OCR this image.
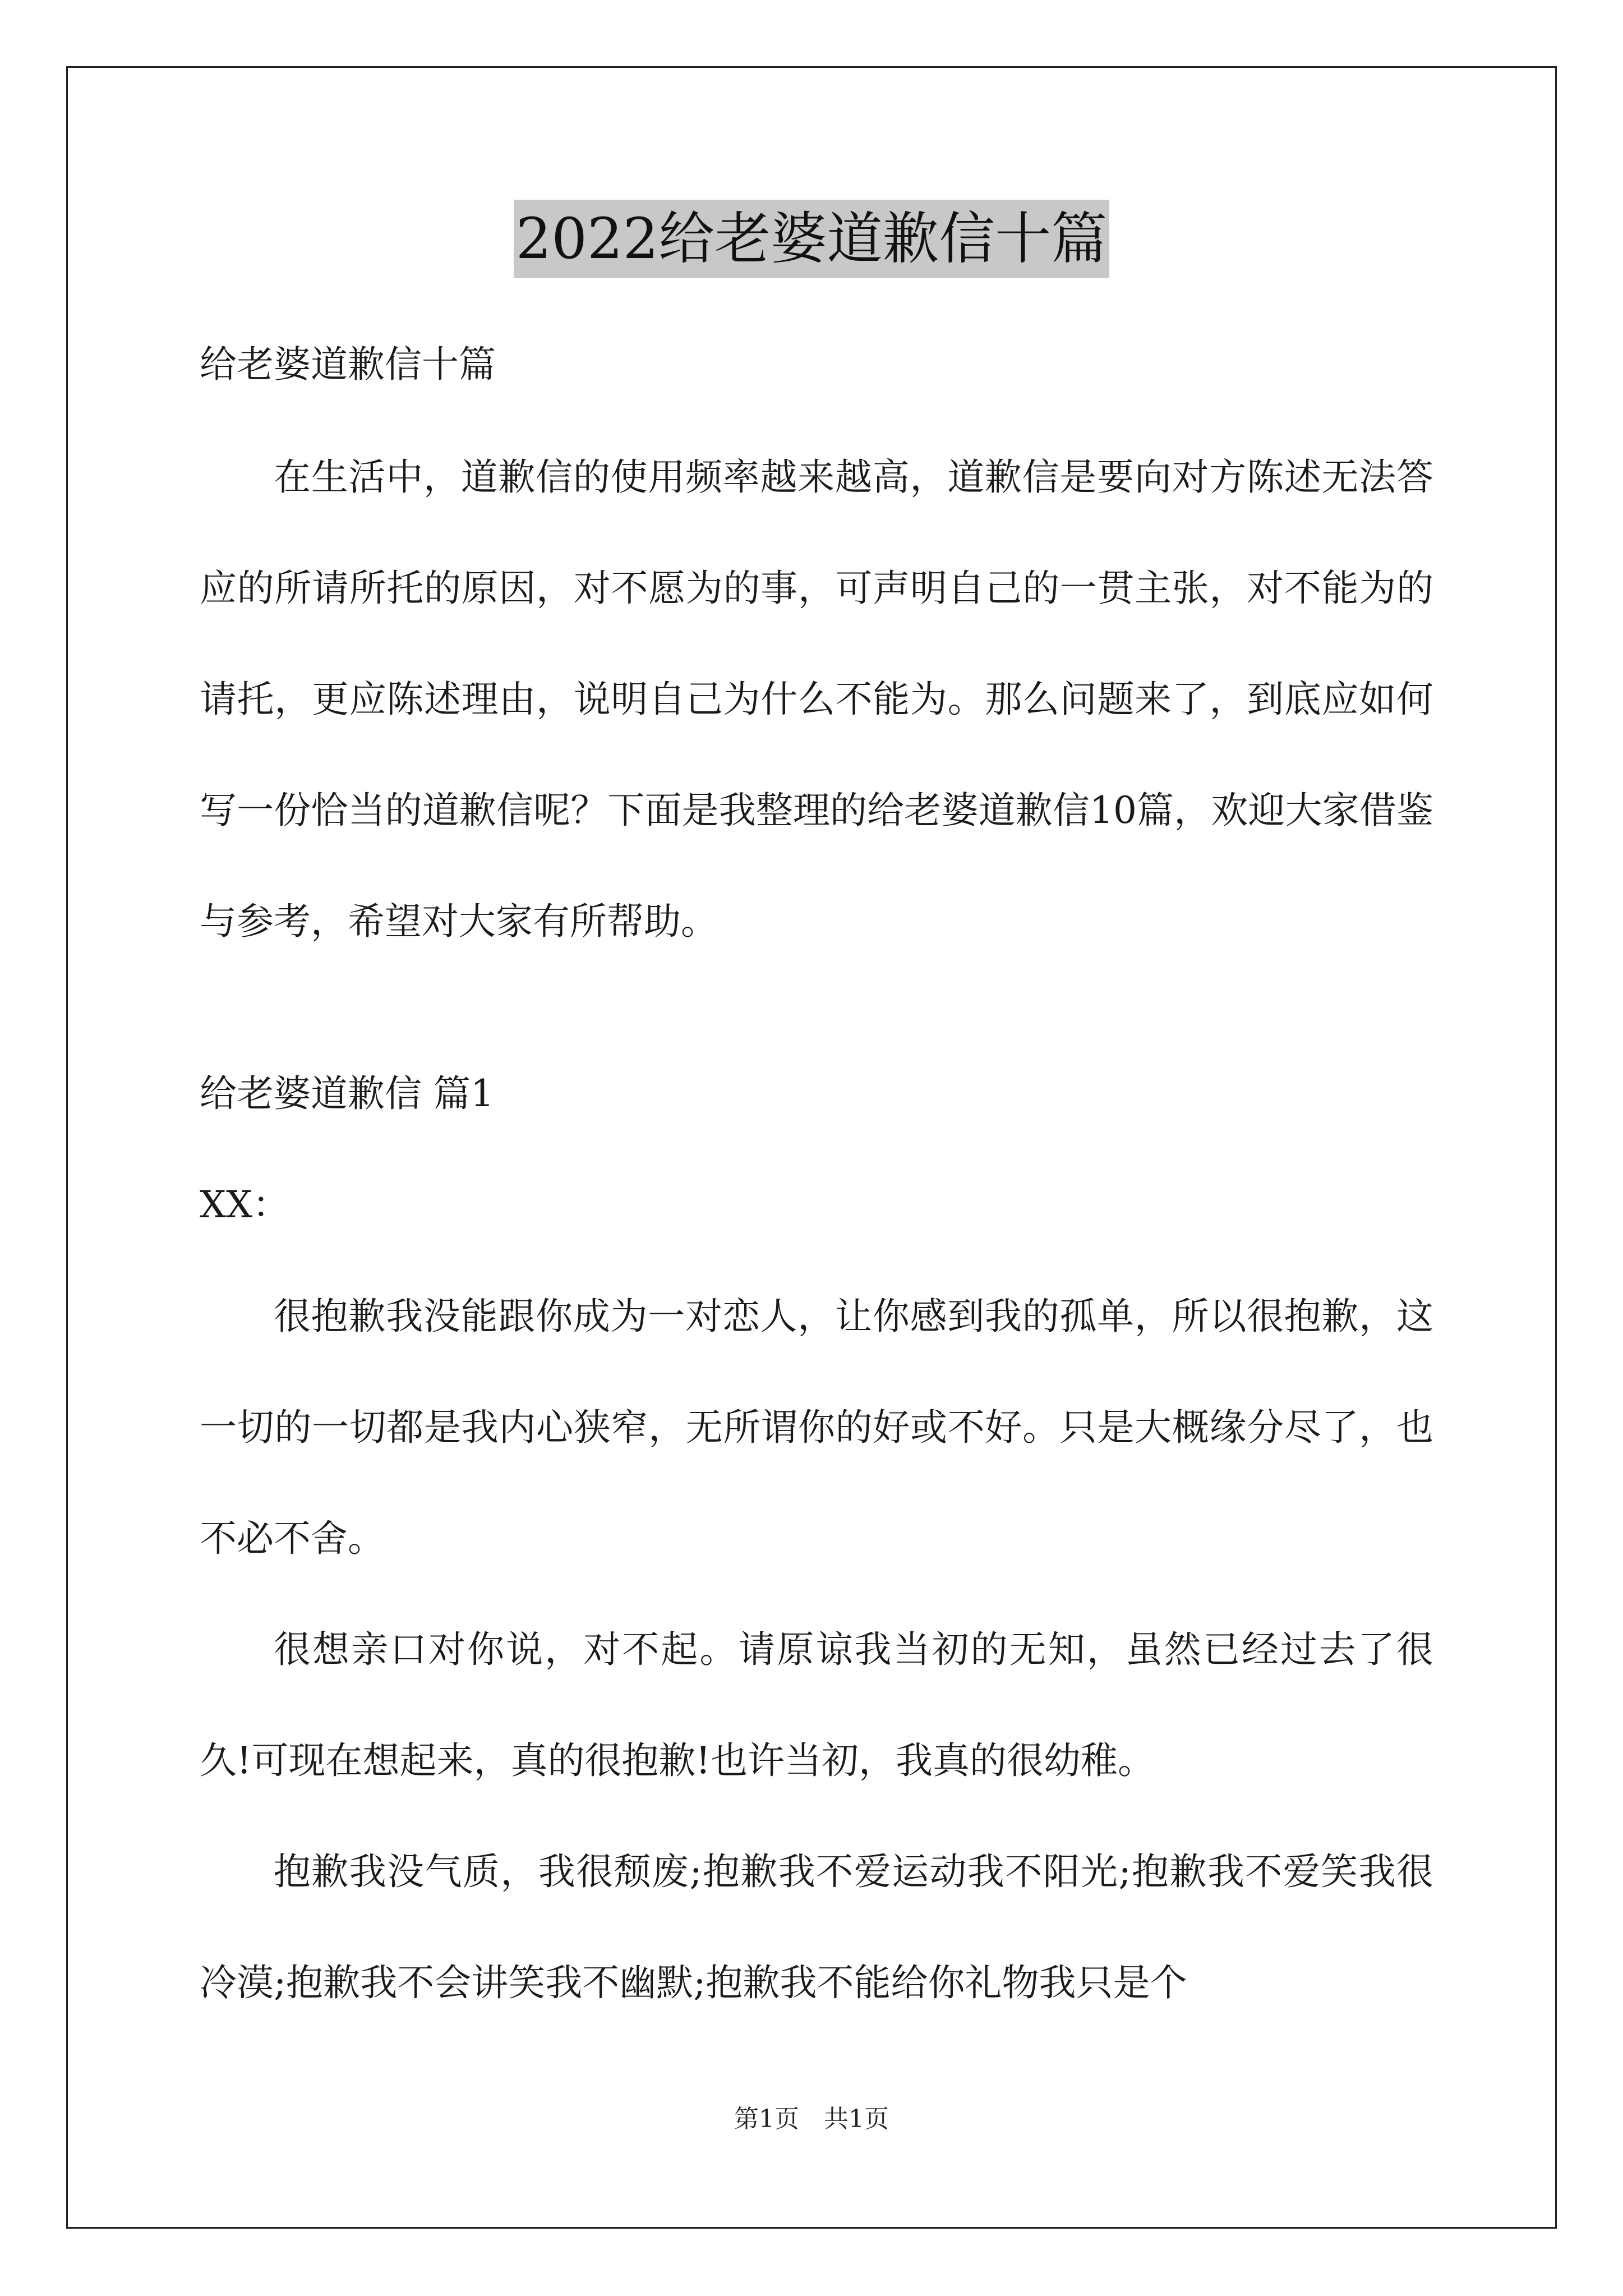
2022给老婆道歉信十篇
给老婆道歉信十篇

在生活中，道歉信的使用频率越来越高，道歉信是要向对方陈述无法答应的所请所托的原因，对不愿为的事，可声明自己的一贯主张，对不能为的请托，更应陈述理由，说明自己为什么不能为。那么问题来了，到底应如何写一份恰当的道歉信呢？下面是我整理的给老婆道歉信10篇，欢迎大家借鉴与参考，希望对大家有所帮助。

给老婆道歉信 篇1
XX：

很抱歉我没能跟你成为一对恋人，让你感到我的孤单，所以很抱歉，这一切的一切都是我内心狭窄，无所谓你的好或不好。只是大概缘分尽了，也不必不舍。

很想亲口对你说，对不起。请原谅我当初的无知，虽然已经过去了很久!可现在想起来，真的很抱歉!也许当初，我真的很幼稚。

抱歉我没气质，我很颓废;抱歉我不爱运动我不阳光;抱歉我不爱笑我很冷漠;抱歉我不会讲笑我不幽默;抱歉我不能给你礼物我只是个

第1页　共1页
